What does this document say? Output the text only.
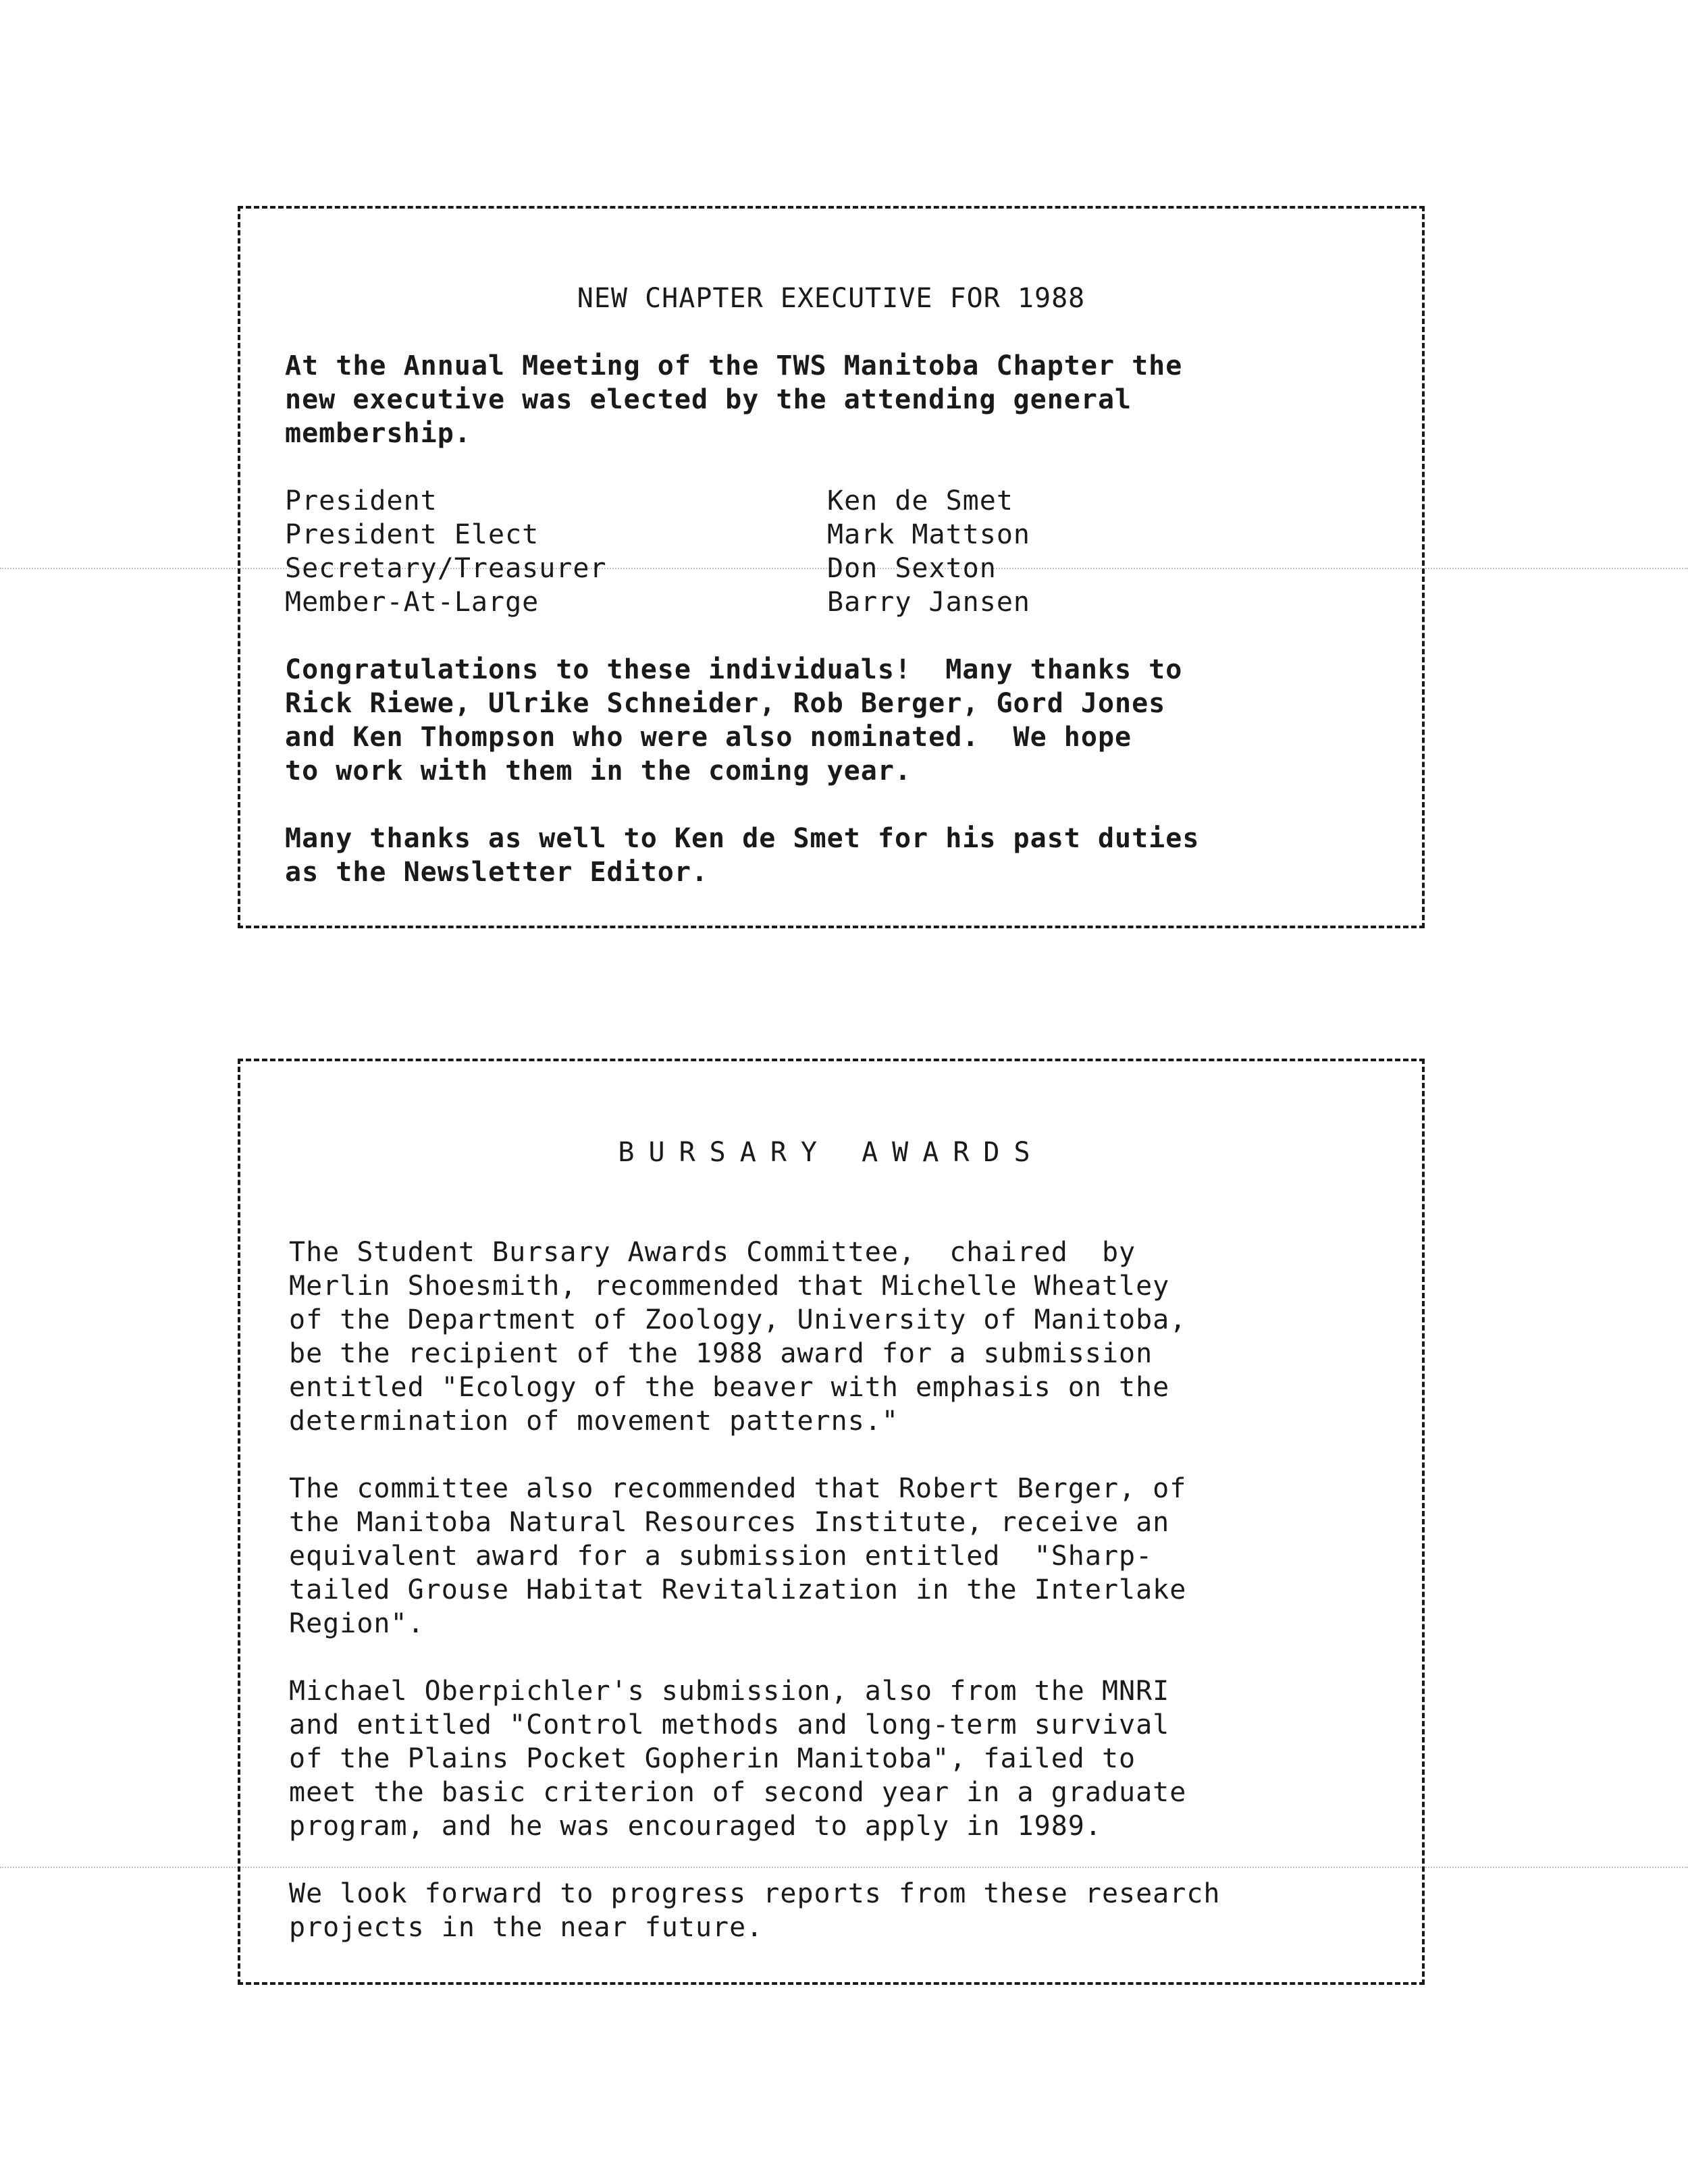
NEW CHAPTER EXECUTIVE FOR 1988

At the Annual Meeting of the TWS Manitoba Chapter the
new executive was elected by the attending general
membership.

President	Ken de Smet
President Elect	Mark Mattson
Secretary/Treasurer	Don Sexton
Member-At-Large	Barry Jansen

Congratulations to these individuals!  Many thanks to
Rick Riewe, Ulrike Schneider, Rob Berger, Gord Jones
and Ken Thompson who were also nominated.  We hope
to work with them in the coming year.

Many thanks as well to Ken de Smet for his past duties
as the Newsletter Editor.

BURSARY AWARDS

The Student Bursary Awards Committee,  chaired  by
Merlin Shoesmith, recommended that Michelle Wheatley
of the Department of Zoology, University of Manitoba,
be the recipient of the 1988 award for a submission
entitled "Ecology of the beaver with emphasis on the
determination of movement patterns."

The committee also recommended that Robert Berger, of
the Manitoba Natural Resources Institute, receive an
equivalent award for a submission entitled  "Sharp-
tailed Grouse Habitat Revitalization in the Interlake
Region".

Michael Oberpichler's submission, also from the MNRI
and entitled "Control methods and long-term survival
of the Plains Pocket Gopherin Manitoba", failed to
meet the basic criterion of second year in a graduate
program, and he was encouraged to apply in 1989.

We look forward to progress reports from these research
projects in the near future.
